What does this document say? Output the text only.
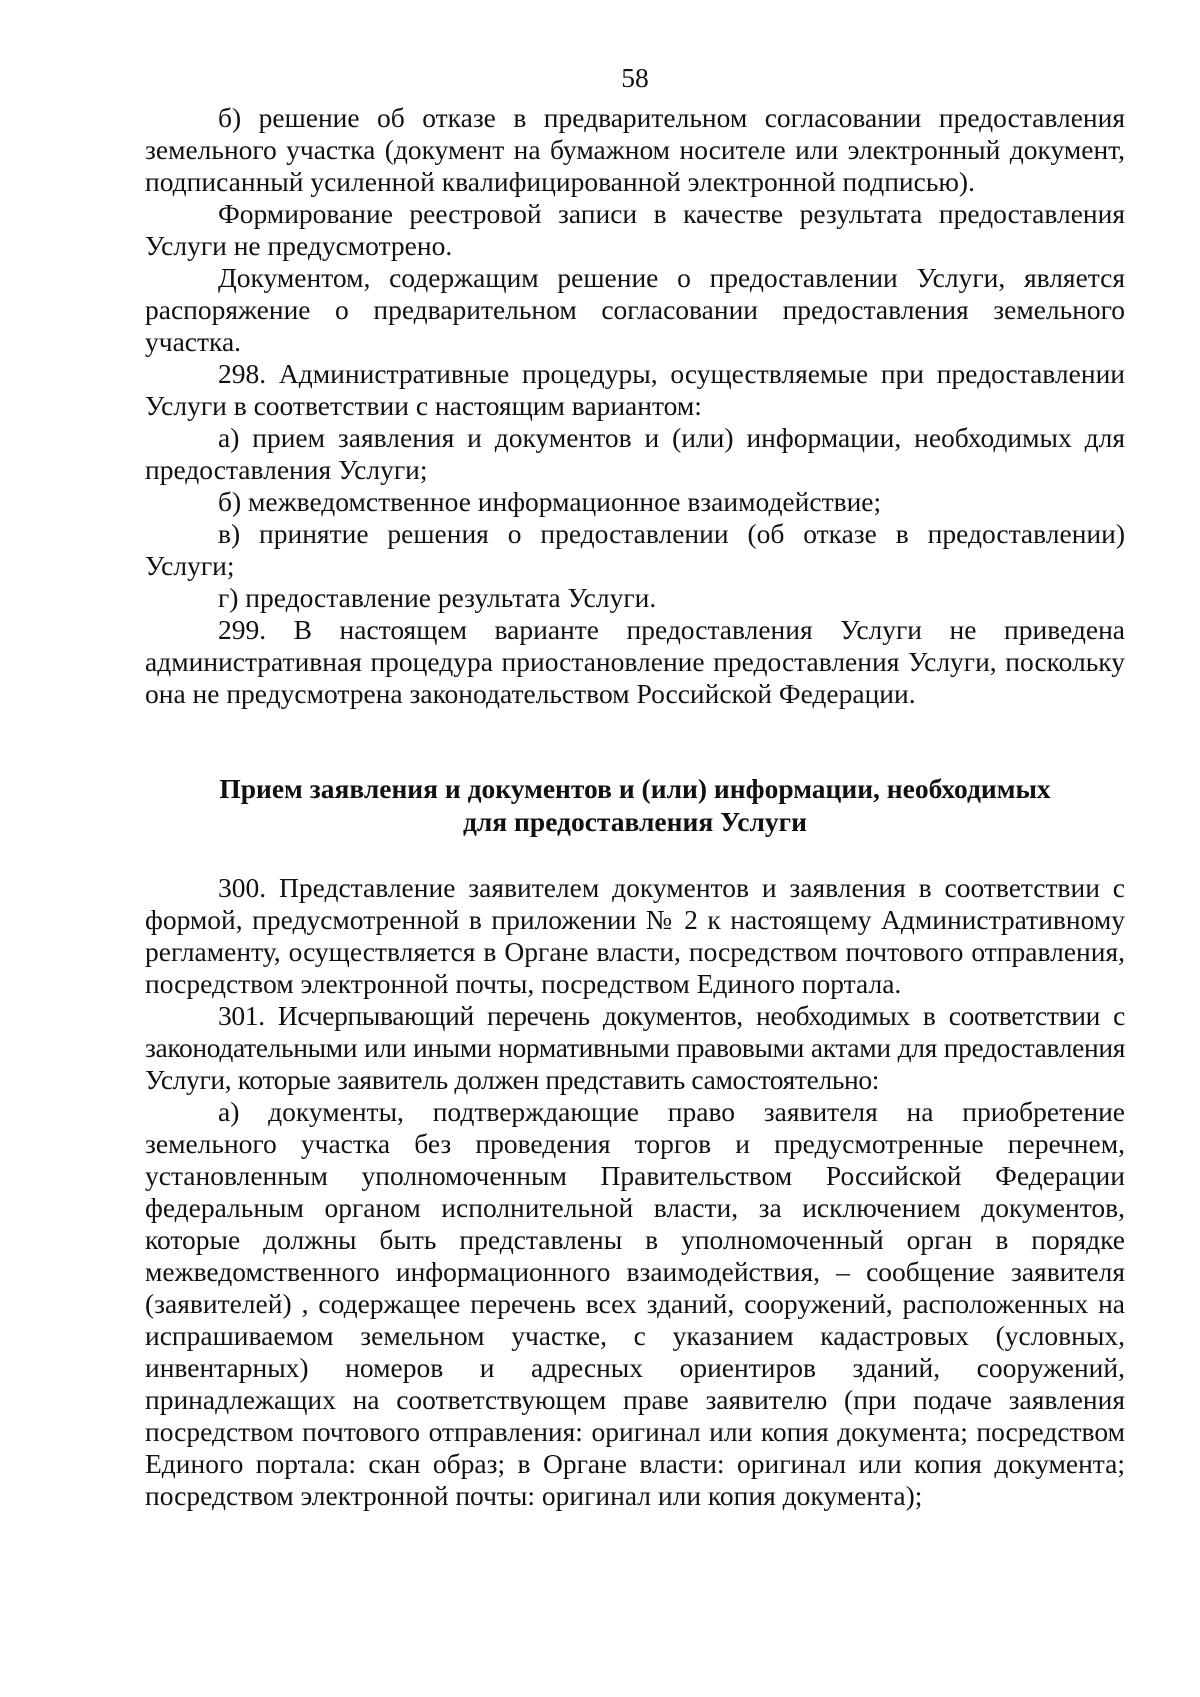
58

б) решение об отказе в предварительном согласовании предоставления земельного участка (документ на бумажном носителе или электронный документ, подписанный усиленной квалифицированной электронной подписью).

Формирование реестровой записи в качестве результата предоставления Услуги не предусмотрено.

Документом, содержащим решение о предоставлении Услуги, является распоряжение о предварительном согласовании предоставления земельного участка.

298. Административные процедуры, осуществляемые при предоставлении Услуги в соответствии с настоящим вариантом:

а) прием заявления и документов и (или) информации, необходимых для предоставления Услуги;

б) межведомственное информационное взаимодействие;

в) принятие решения о предоставлении (об отказе в предоставлении) Услуги;

г) предоставление результата Услуги.

299. В настоящем варианте предоставления Услуги не приведена административная процедура приостановление предоставления Услуги, поскольку она не предусмотрена законодательством Российской Федерации.

Прием заявления и документов и (или) информации, необходимых
для предоставления Услуги

300. Представление заявителем документов и заявления в соответствии с формой, предусмотренной в приложении № 2 к настоящему Административному регламенту, осуществляется в Органе власти, посредством почтового отправления, посредством электронной почты, посредством Единого портала.

301. Исчерпывающий перечень документов, необходимых в соответствии с законодательными или иными нормативными правовыми актами для предоставления Услуги, которые заявитель должен представить самостоятельно:

а) документы, подтверждающие право заявителя на приобретение земельного участка без проведения торгов и предусмотренные перечнем, установленным уполномоченным Правительством Российской Федерации федеральным органом исполнительной власти, за исключением документов, которые должны быть представлены в уполномоченный орган в порядке межведомственного информационного взаимодействия, – сообщение заявителя (заявителей) , содержащее перечень всех зданий, сооружений, расположенных на испрашиваемом земельном участке, с указанием кадастровых (условных, инвентарных) номеров и адресных ориентиров зданий, сооружений, принадлежащих на соответствующем праве заявителю (при подаче заявления посредством почтового отправления: оригинал или копия документа; посредством Единого портала: скан образ; в Органе власти: оригинал или копия документа; посредством электронной почты: оригинал или копия документа);
